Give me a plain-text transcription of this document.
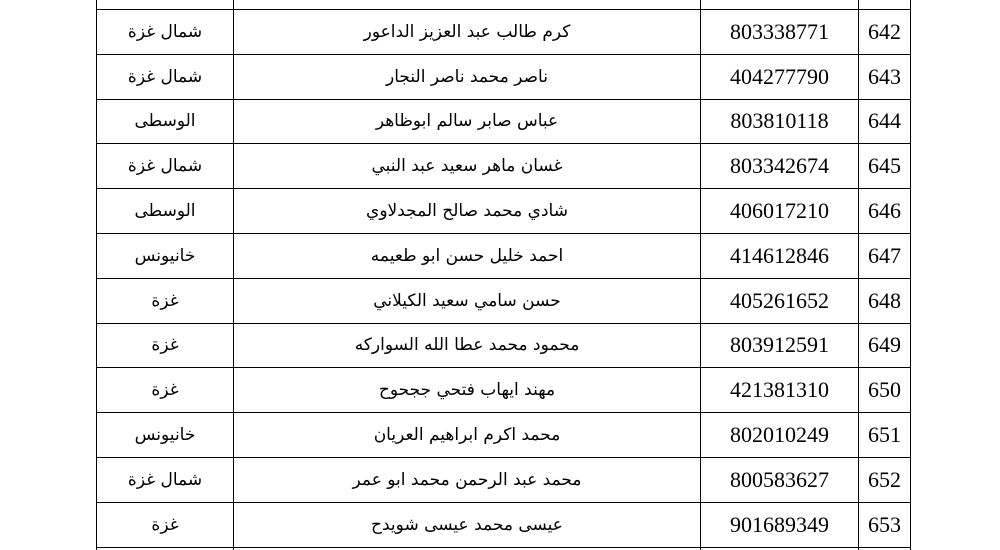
شمال غزة	كرم طالب عبد العزيز الداعور	803338771	642
شمال غزة	ناصر محمد ناصر النجار	404277790	643
الوسطى	عباس صابر سالم ابوظاهر	803810118	644
شمال غزة	غسان ماهر سعيد عبد النبي	803342674	645
الوسطى	شادي محمد صالح المجدلاوي	406017210	646
خانيونس	احمد خليل حسن ابو طعيمه	414612846	647
غزة	حسن سامي سعيد الكيلاني	405261652	648
غزة	محمود محمد عطا الله السواركه	803912591	649
غزة	مهند ايهاب فتحي ججحوح	421381310	650
خانيونس	محمد اكرم ابراهيم العريان	802010249	651
شمال غزة	محمد عبد الرحمن محمد ابو عمر	800583627	652
غزة	عيسى محمد عيسى شويدح	901689349	653
